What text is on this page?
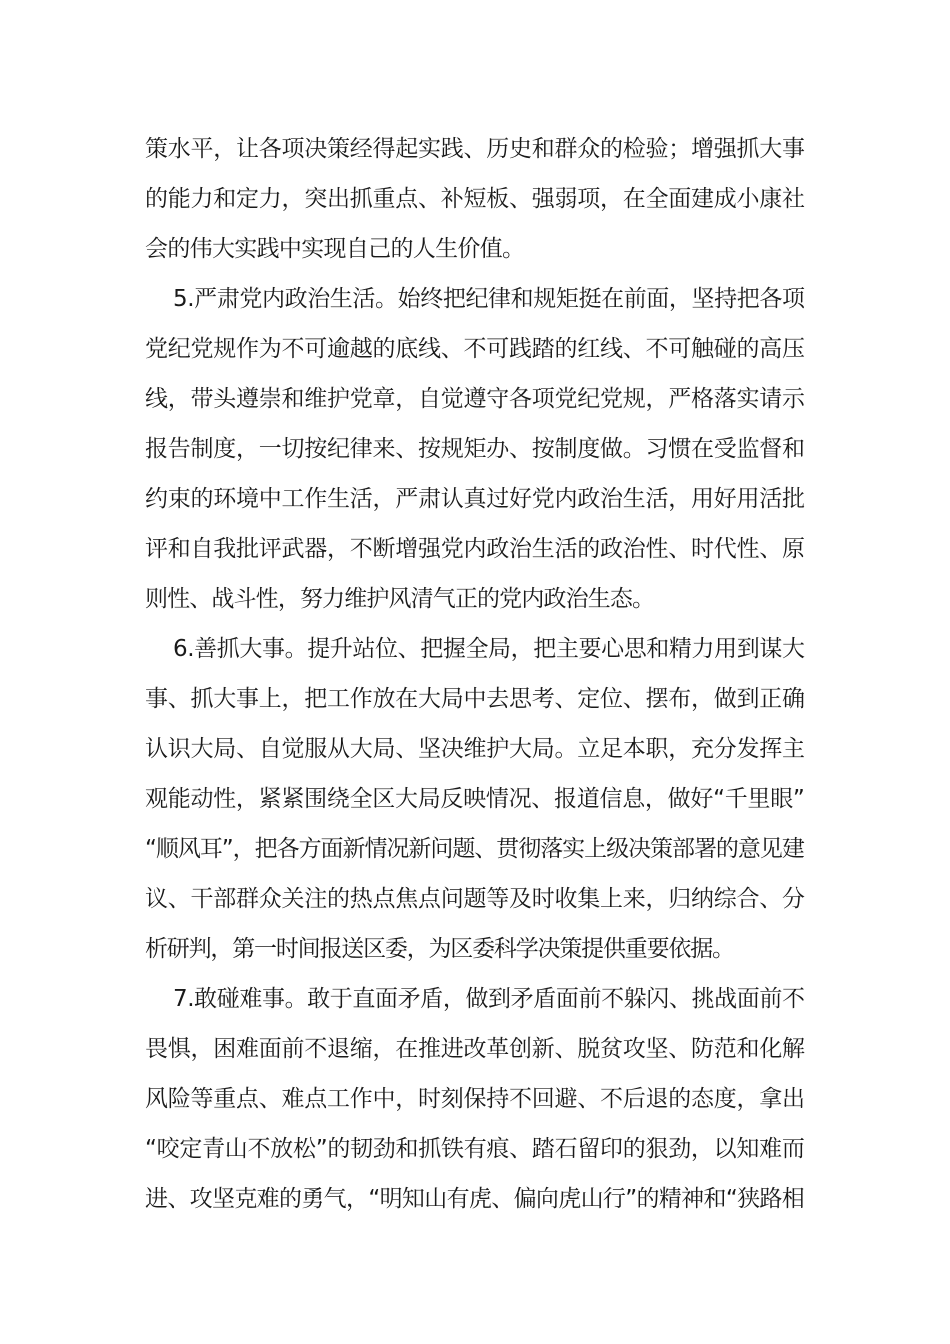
策水平，让各项决策经得起实践、历史和群众的检验；增强抓大事
的能力和定力，突出抓重点、补短板、强弱项，在全面建成小康社
会的伟大实践中实现自己的人生价值。
5.严肃党内政治生活。始终把纪律和规矩挺在前面，坚持把各项
党纪党规作为不可逾越的底线、不可践踏的红线、不可触碰的高压
线，带头遵崇和维护党章，自觉遵守各项党纪党规，严格落实请示
报告制度，一切按纪律来、按规矩办、按制度做。习惯在受监督和
约束的环境中工作生活，严肃认真过好党内政治生活，用好用活批
评和自我批评武器，不断增强党内政治生活的政治性、时代性、原
则性、战斗性，努力维护风清气正的党内政治生态。
6.善抓大事。提升站位、把握全局，把主要心思和精力用到谋大
事、抓大事上，把工作放在大局中去思考、定位、摆布，做到正确
认识大局、自觉服从大局、坚决维护大局。立足本职，充分发挥主
观能动性，紧紧围绕全区大局反映情况、报道信息，做好“千里眼”
“顺风耳”，把各方面新情况新问题、贯彻落实上级决策部署的意见建
议、干部群众关注的热点焦点问题等及时收集上来，归纳综合、分
析研判，第一时间报送区委，为区委科学决策提供重要依据。
7.敢碰难事。敢于直面矛盾，做到矛盾面前不躲闪、挑战面前不
畏惧，困难面前不退缩，在推进改革创新、脱贫攻坚、防范和化解
风险等重点、难点工作中，时刻保持不回避、不后退的态度，拿出
“咬定青山不放松”的韧劲和抓铁有痕、踏石留印的狠劲，以知难而
进、攻坚克难的勇气，“明知山有虎、偏向虎山行”的精神和“狭路相
